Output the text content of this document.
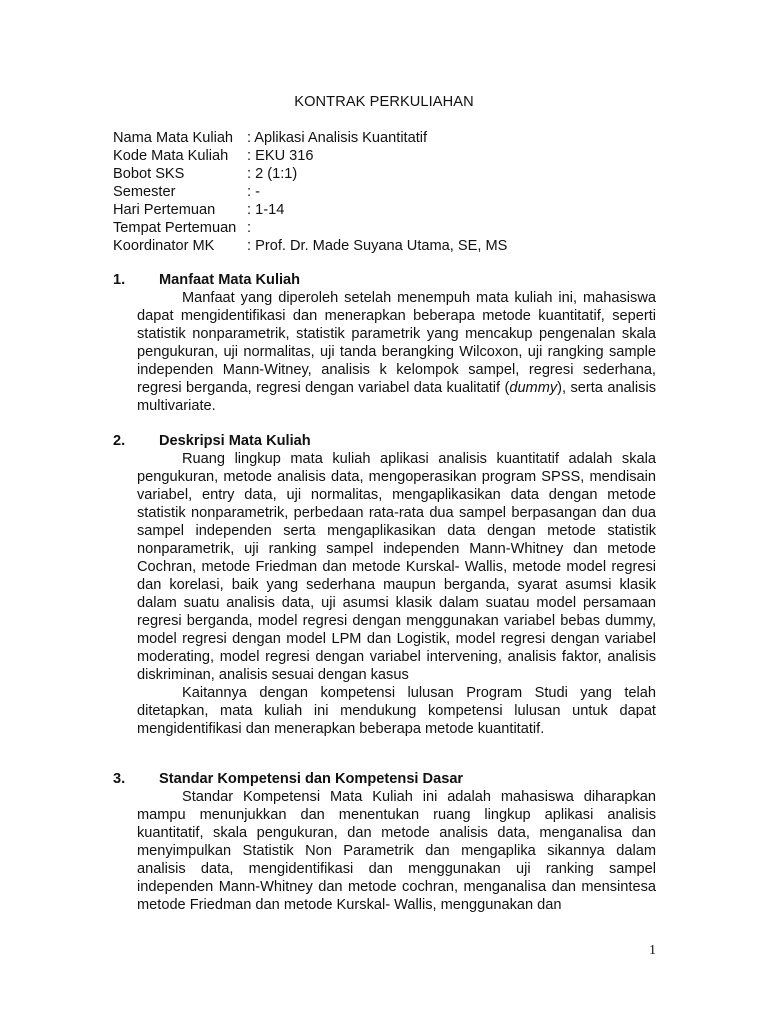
KONTRAK PERKULIAHAN
Nama Mata Kuliah : Aplikasi Analisis Kuantitatif
Kode Mata Kuliah	: EKU 316
Bobot SKS	: 2 (1:1)
Semester	: -
Hari Pertemuan	: 1-14
Tempat Pertemuan :
Koordinator MK	: Prof. Dr. Made Suyana Utama, SE, MS
1.	Manfaat Mata Kuliah

Manfaat yang diperoleh setelah menempuh mata kuliah ini, mahasiswa dapat mengidentifikasi dan menerapkan beberapa metode kuantitatif, seperti statistik nonparametrik, statistik parametrik yang mencakup pengenalan skala pengukuran, uji normalitas, uji tanda berangking Wilcoxon, uji rangking sample independen Mann-Witney, analisis k kelompok sampel, regresi sederhana, regresi berganda, regresi dengan variabel data kualitatif (dummy), serta analisis multivariate.

2.	Deskripsi Mata Kuliah

Ruang lingkup mata kuliah aplikasi analisis kuantitatif adalah skala pengukuran, metode analisis data, mengoperasikan program SPSS, mendisain variabel, entry data, uji normalitas, mengaplikasikan data dengan metode statistik nonparametrik, perbedaan rata-rata dua sampel berpasangan dan dua sampel independen serta mengaplikasikan data dengan metode statistik nonparametrik, uji ranking sampel independen Mann-Whitney dan metode Cochran, metode Friedman dan metode Kurskal- Wallis, metode model regresi dan korelasi, baik yang sederhana maupun berganda, syarat asumsi klasik dalam suatu analisis data, uji asumsi klasik dalam suatau model persamaan regresi berganda, model regresi dengan menggunakan variabel bebas dummy, model regresi dengan model LPM dan Logistik, model regresi dengan variabel moderating, model regresi dengan variabel intervening, analisis faktor, analisis diskriminan, analisis sesuai dengan kasus

Kaitannya dengan kompetensi lulusan Program Studi yang telah ditetapkan, mata kuliah ini mendukung kompetensi lulusan untuk dapat mengidentifikasi dan menerapkan beberapa metode kuantitatif.

3.	Standar Kompetensi dan Kompetensi Dasar

Standar Kompetensi Mata Kuliah ini adalah mahasiswa diharapkan mampu menunjukkan dan menentukan ruang lingkup aplikasi analisis kuantitatif, skala pengukuran, dan metode analisis data, menganalisa dan menyimpulkan Statistik Non Parametrik dan mengaplika sikannya dalam analisis data, mengidentifikasi dan menggunakan uji ranking sampel independen Mann-Whitney dan metode cochran, menganalisa dan mensintesa metode Friedman dan metode Kurskal- Wallis, menggunakan dan

1
